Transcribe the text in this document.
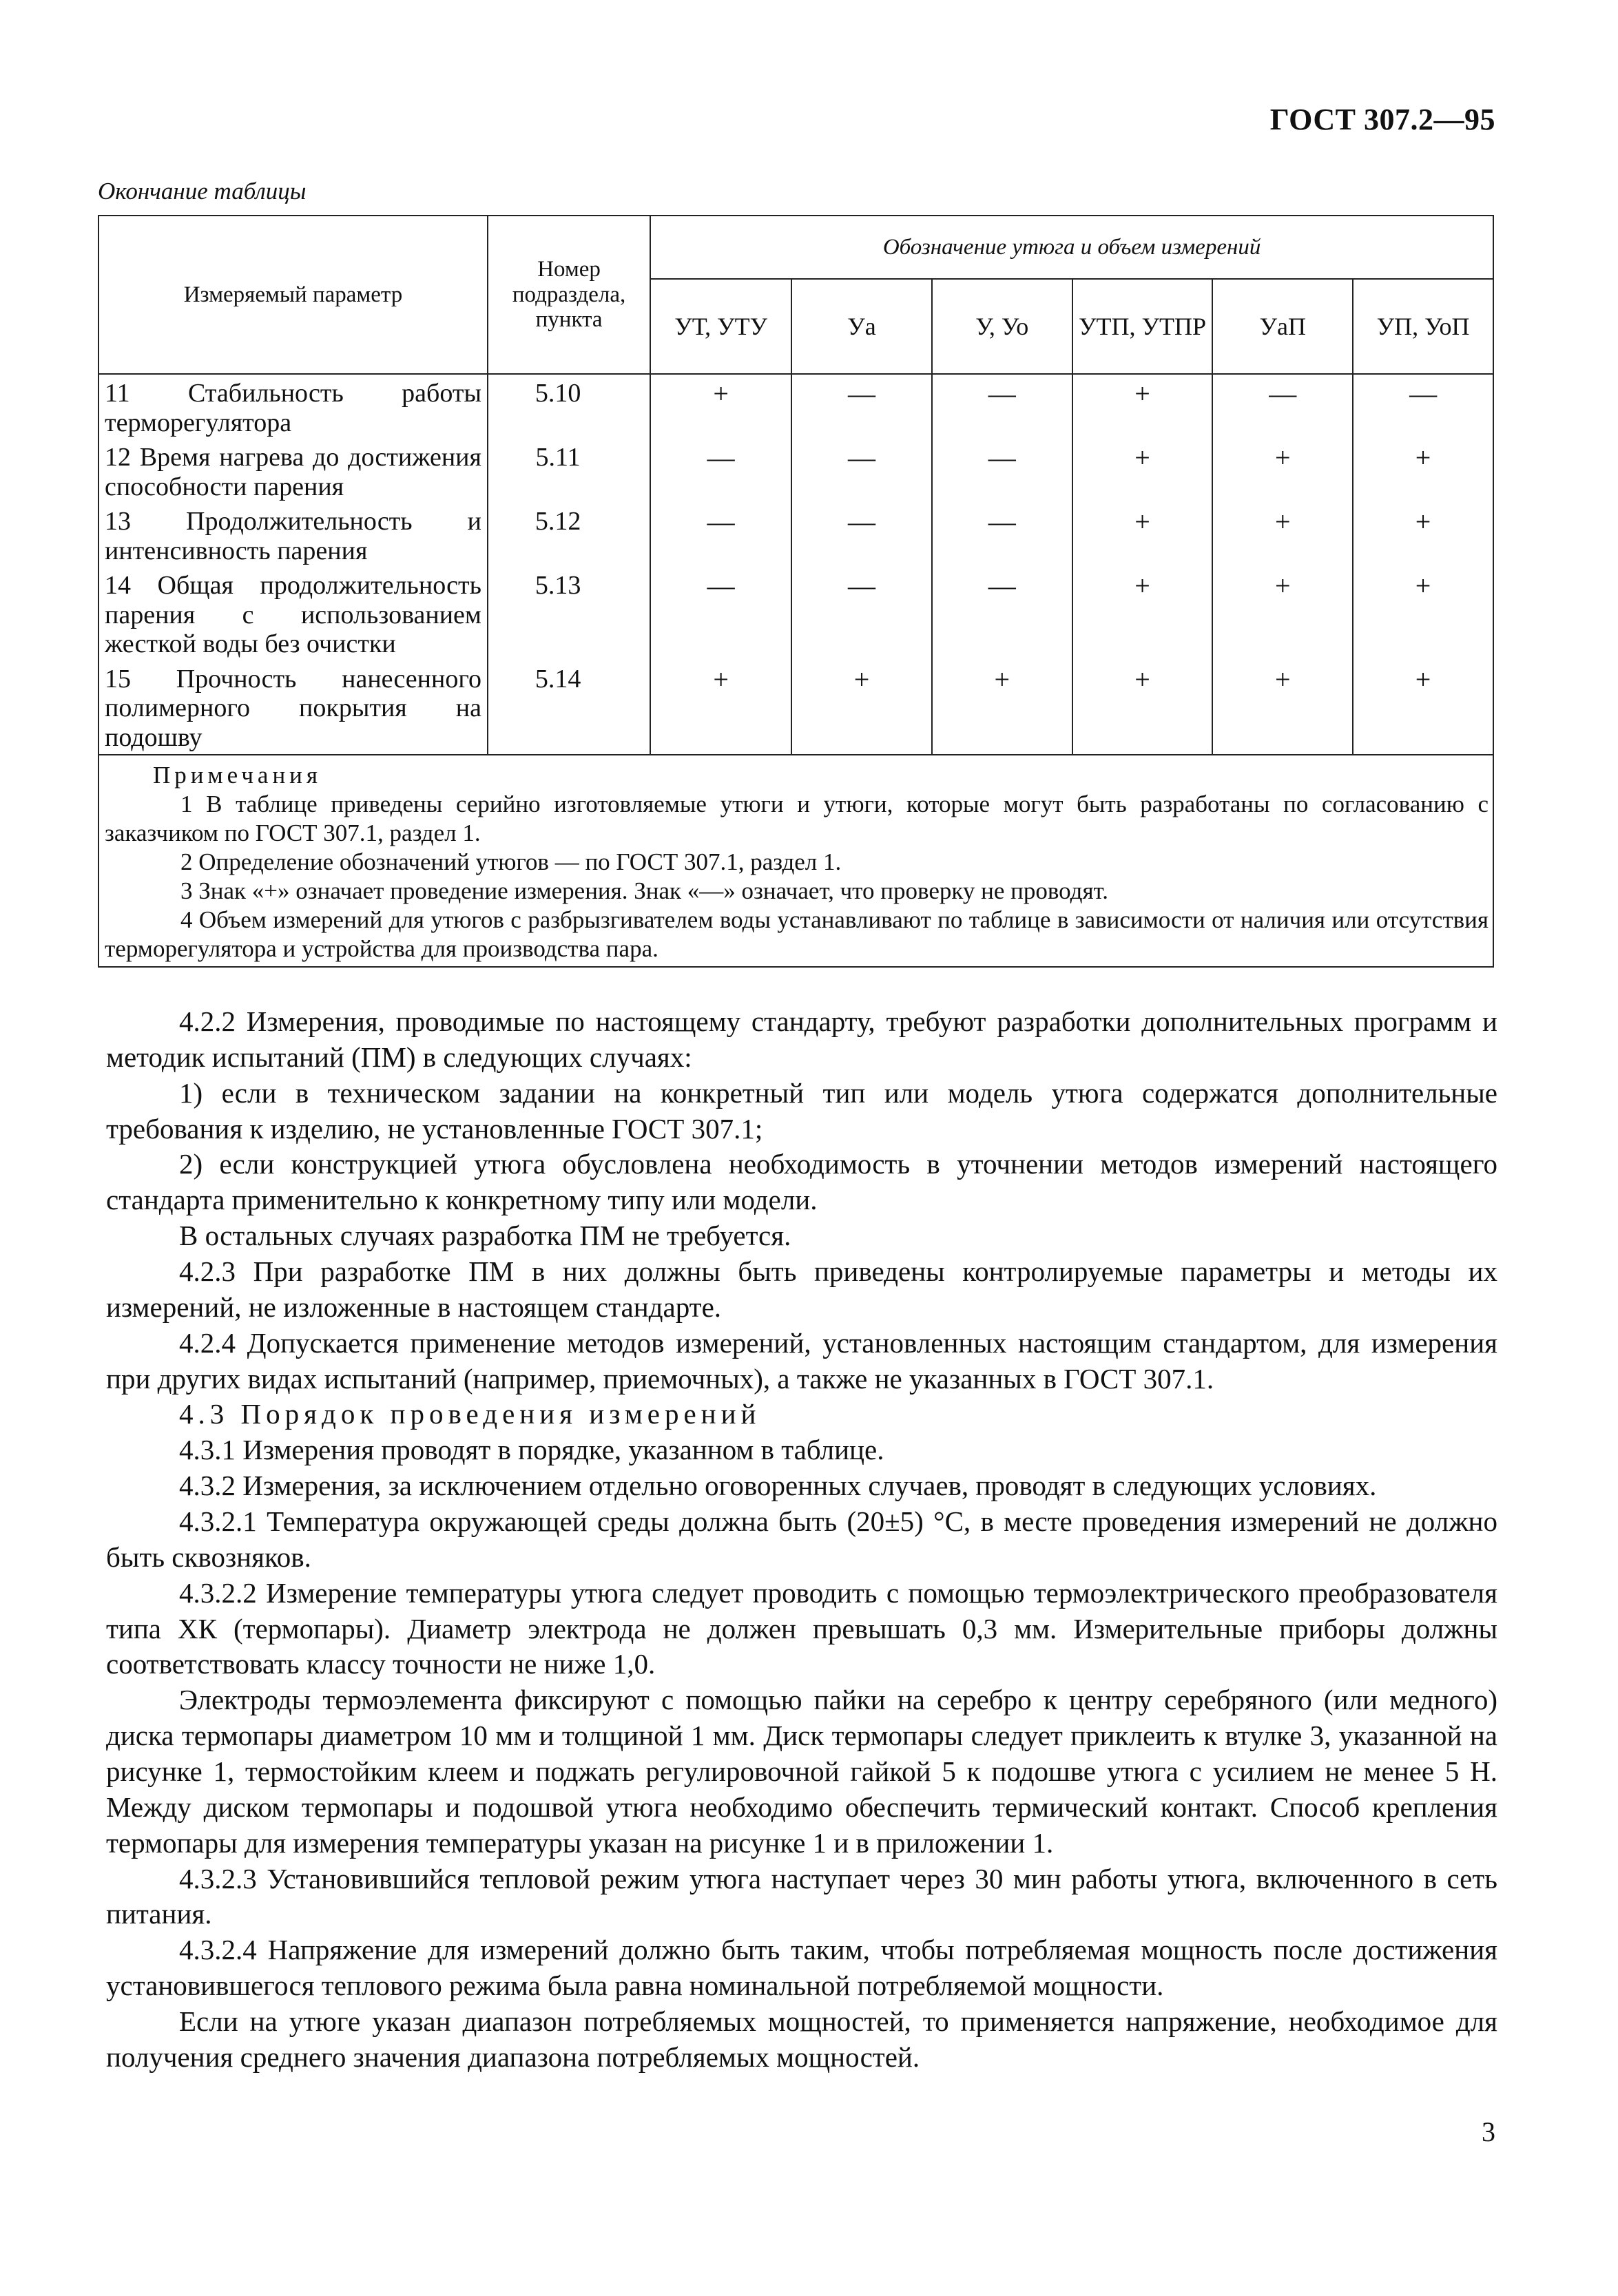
ГОСТ 307.2—95
Окончание таблицы
Измеряемый параметр	Номер подраздела, пункта	Обозначение утюга и объем измерений					
		УТ, УТУ	Уа	У, Уо	УТП, УТПР	УаП	УП, УоП
11 Стабильность работы терморегулятора	5.10	+	—	—	+	—	—
12 Время нагрева до достижения способности парения	5.11	—	—	—	+	+	+
13 Продолжительность и интенсивность парения	5.12	—	—	—	+	+	+
14 Общая продолжительность парения с использованием жесткой воды без очистки	5.13	—	—	—	+	+	+
15 Прочность нанесенного полимерного покрытия на подошву	5.14	+	+	+	+	+	+

Примечания
1 В таблице приведены серийно изготовляемые утюги и утюги, которые могут быть разработаны по согласованию с заказчиком по ГОСТ 307.1, раздел 1.
2 Определение обозначений утюгов — по ГОСТ 307.1, раздел 1.
3 Знак «+» означает проведение измерения. Знак «—» означает, что проверку не проводят.
4 Объем измерений для утюгов с разбрызгивателем воды устанавливают по таблице в зависимости от наличия или отсутствия терморегулятора и устройства для производства пара.							

4.2.2 Измерения, проводимые по настоящему стандарту, требуют разработки дополнительных программ и методик испытаний (ПМ) в следующих случаях:

1) если в техническом задании на конкретный тип или модель утюга содержатся дополнительные требования к изделию, не установленные ГОСТ 307.1;

2) если конструкцией утюга обусловлена необходимость в уточнении методов измерений настоящего стандарта применительно к конкретному типу или модели.

В остальных случаях разработка ПМ не требуется.

4.2.3 При разработке ПМ в них должны быть приведены контролируемые параметры и методы их измерений, не изложенные в настоящем стандарте.

4.2.4 Допускается применение методов измерений, установленных настоящим стандартом, для измерения при других видах испытаний (например, приемочных), а также не указанных в ГОСТ 307.1.

4.3 Порядок проведения измерений

4.3.1 Измерения проводят в порядке, указанном в таблице.

4.3.2 Измерения, за исключением отдельно оговоренных случаев, проводят в следующих условиях.

4.3.2.1 Температура окружающей среды должна быть (20±5) °С, в месте проведения измерений не должно быть сквозняков.

4.3.2.2 Измерение температуры утюга следует проводить с помощью термоэлектрического преобразователя типа ХК (термопары). Диаметр электрода не должен превышать 0,3 мм. Измерительные приборы должны соответствовать классу точности не ниже 1,0.

Электроды термоэлемента фиксируют с помощью пайки на серебро к центру серебряного (или медного) диска термопары диаметром 10 мм и толщиной 1 мм. Диск термопары следует приклеить к втулке 3, указанной на рисунке 1, термостойким клеем и поджать регулировочной гайкой 5 к подошве утюга с усилием не менее 5 Н. Между диском термопары и подошвой утюга необходимо обеспечить термический контакт. Способ крепления термопары для измерения температуры указан на рисунке 1 и в приложении 1.

4.3.2.3 Установившийся тепловой режим утюга наступает через 30 мин работы утюга, включенного в сеть питания.

4.3.2.4 Напряжение для измерений должно быть таким, чтобы потребляемая мощность после достижения установившегося теплового режима была равна номинальной потребляемой мощности.

Если на утюге указан диапазон потребляемых мощностей, то применяется напряжение, необходимое для получения среднего значения диапазона потребляемых мощностей.

3
